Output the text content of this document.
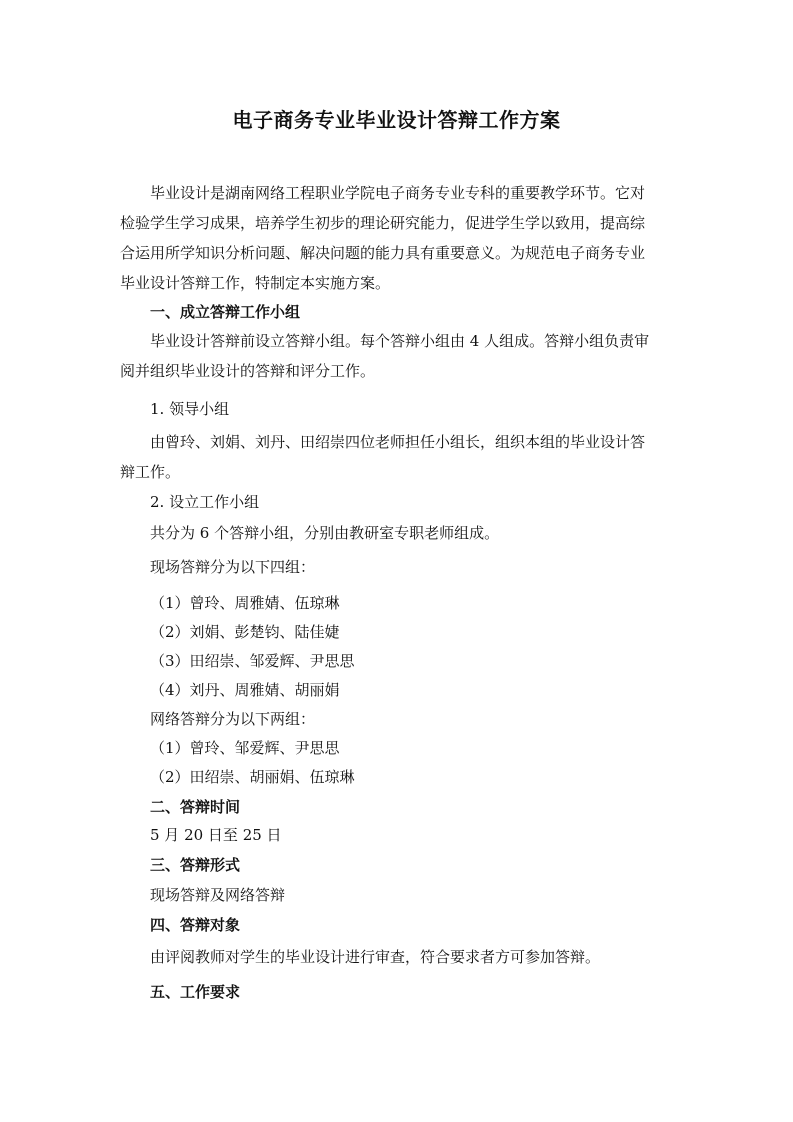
电子商务专业毕业设计答辩工作方案
毕业设计是湖南网络工程职业学院电子商务专业专科的重要教学环节。它对
检验学生学习成果，培养学生初步的理论研究能力，促进学生学以致用，提高综
合运用所学知识分析问题、解决问题的能力具有重要意义。为规范电子商务专业
毕业设计答辩工作，特制定本实施方案。
一、成立答辩工作小组
毕业设计答辩前设立答辩小组。每个答辩小组由 4 人组成。答辩小组负责审
阅并组织毕业设计的答辩和评分工作。
1. 领导小组
由曾玲、刘娟、刘丹、田绍崇四位老师担任小组长，组织本组的毕业设计答
辩工作。
2. 设立工作小组
共分为 6 个答辩小组，分别由教研室专职老师组成。
现场答辩分为以下四组：
（1）曾玲、周雅婧、伍琼琳
（2）刘娟、彭楚钧、陆佳婕
（3）田绍崇、邹爱辉、尹思思
（4）刘丹、周雅婧、胡丽娟
网络答辩分为以下两组：
（1）曾玲、邹爱辉、尹思思
（2）田绍崇、胡丽娟、伍琼琳
二、答辩时间
5 月 20 日至 25 日
三、答辩形式
现场答辩及网络答辩
四、答辩对象
由评阅教师对学生的毕业设计进行审查，符合要求者方可参加答辩。
五、工作要求
